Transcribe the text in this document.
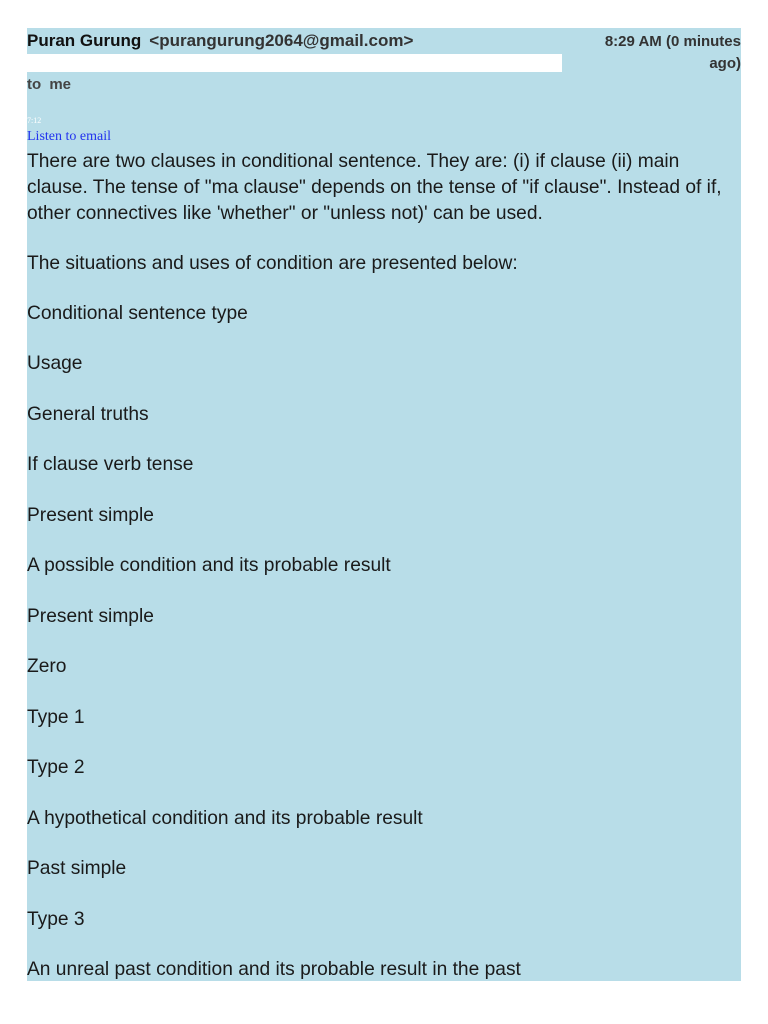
Puran Gurung <purangurung2064@gmail.com>	8:29 AM (0 minutes
ago)
to me
7:12
Listen to email

There are two clauses in conditional sentence. They are: (i) if clause (ii) main clause. The tense of "ma clause" depends on the tense of "if clause". Instead of if, other connectives like 'whether" or "unless not)' can be used.

The situations and uses of condition are presented below:

Conditional sentence type

Usage

General truths

If clause verb tense

Present simple

A possible condition and its probable result

Present simple

Zero

Type 1

Type 2

A hypothetical condition and its probable result

Past simple

Type 3

An unreal past condition and its probable result in the past
